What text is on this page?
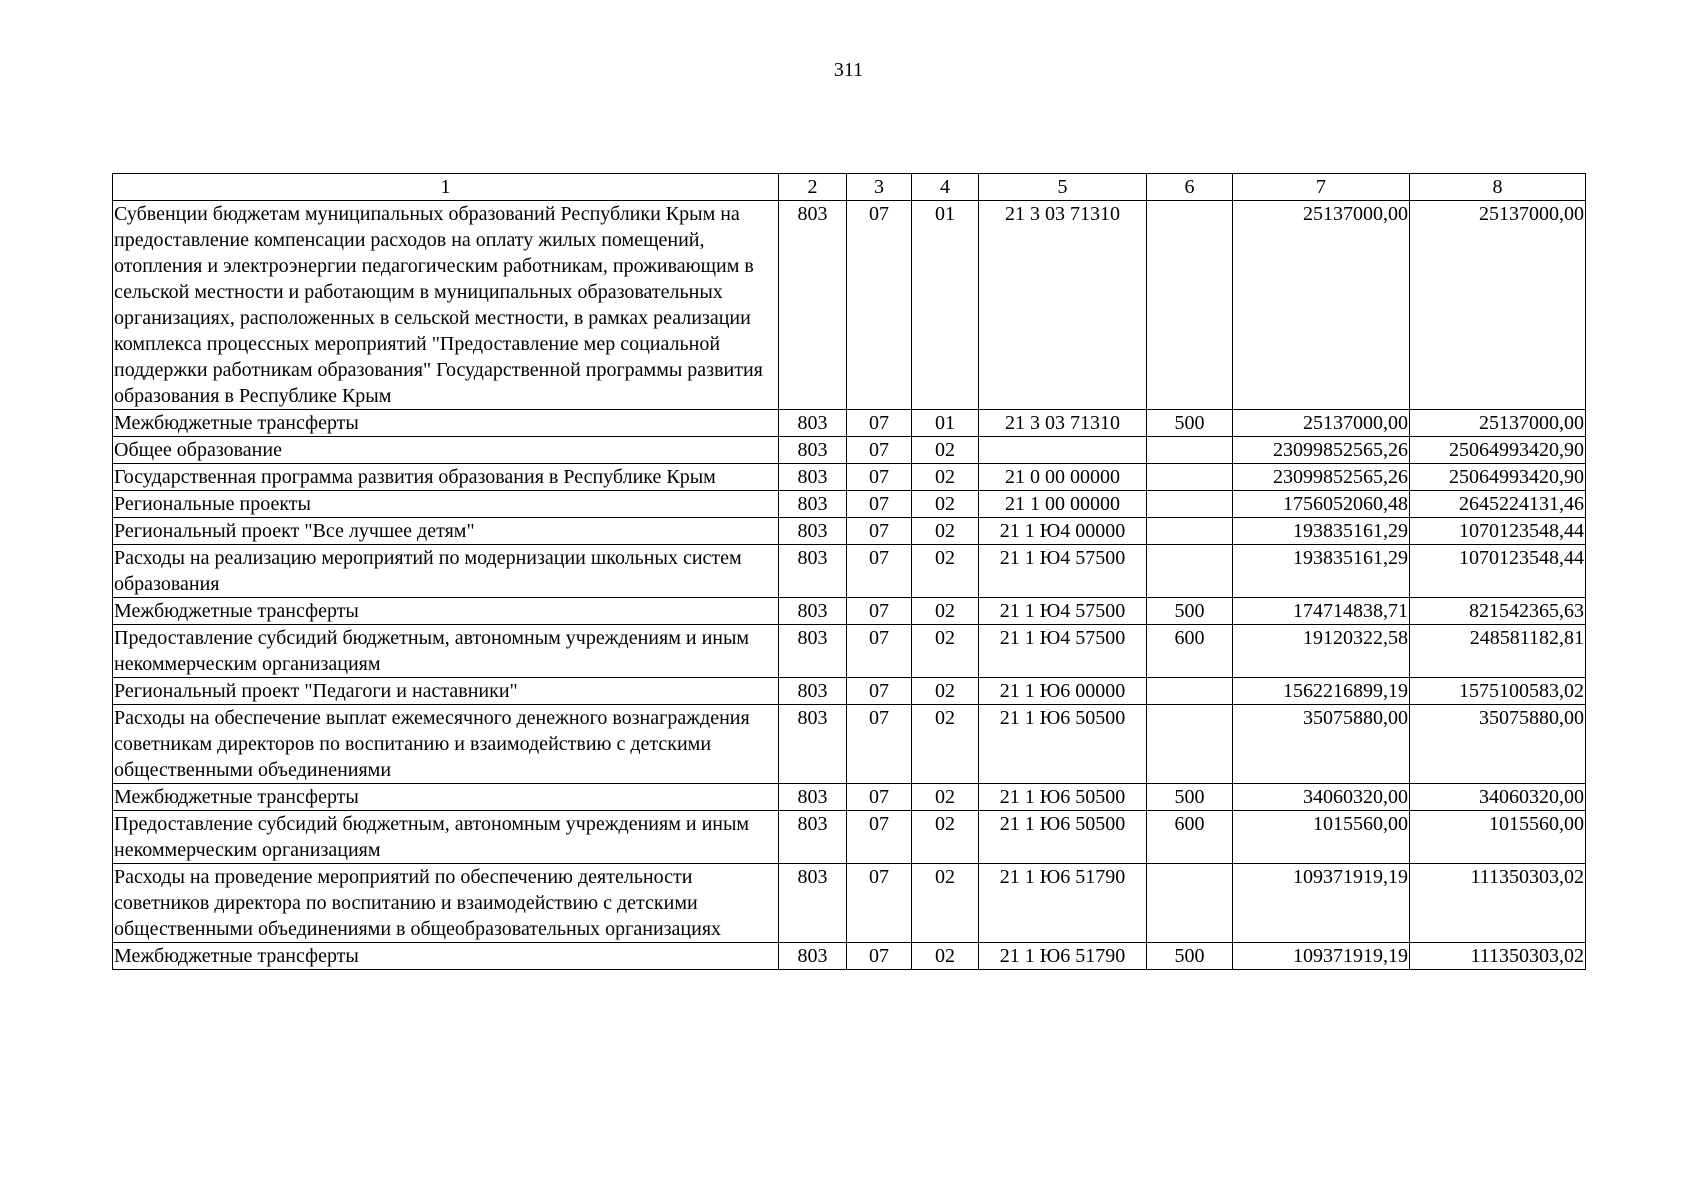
311
1	2	3	4	5	6	7	8
Субвенции бюджетам муниципальных образований Республики Крым на предоставление компенсации расходов на оплату жилых помещений, отопления и электроэнергии педагогическим работникам, проживающим в сельской местности и работающим в муниципальных образовательных организациях, расположенных в сельской местности, в рамках реализации комплекса процессных мероприятий "Предоставление мер социальной поддержки работникам образования" Государственной программы развития образования в Республике Крым	803	07	01	21 3 03 71310		25137000,00	25137000,00
Межбюджетные трансферты	803	07	01	21 3 03 71310	500	25137000,00	25137000,00
Общее образование	803	07	02			23099852565,26	25064993420,90
Государственная программа развития образования в Республике Крым	803	07	02	21 0 00 00000		23099852565,26	25064993420,90
Региональные проекты	803	07	02	21 1 00 00000		1756052060,48	2645224131,46
Региональный проект "Все лучшее детям"	803	07	02	21 1 Ю4 00000		193835161,29	1070123548,44
Расходы на реализацию мероприятий по модернизации школьных систем образования	803	07	02	21 1 Ю4 57500		193835161,29	1070123548,44
Межбюджетные трансферты	803	07	02	21 1 Ю4 57500	500	174714838,71	821542365,63
Предоставление субсидий бюджетным, автономным учреждениям и иным некоммерческим организациям	803	07	02	21 1 Ю4 57500	600	19120322,58	248581182,81
Региональный проект "Педагоги и наставники"	803	07	02	21 1 Ю6 00000		1562216899,19	1575100583,02
Расходы на обеспечение выплат ежемесячного денежного вознаграждения советникам директоров по воспитанию и взаимодействию с детскими общественными объединениями	803	07	02	21 1 Ю6 50500		35075880,00	35075880,00
Межбюджетные трансферты	803	07	02	21 1 Ю6 50500	500	34060320,00	34060320,00
Предоставление субсидий бюджетным, автономным учреждениям и иным некоммерческим организациям	803	07	02	21 1 Ю6 50500	600	1015560,00	1015560,00
Расходы на проведение мероприятий по обеспечению деятельности советников директора по воспитанию и взаимодействию с детскими общественными объединениями в общеобразовательных организациях	803	07	02	21 1 Ю6 51790		109371919,19	111350303,02
Межбюджетные трансферты	803	07	02	21 1 Ю6 51790	500	109371919,19	111350303,02
